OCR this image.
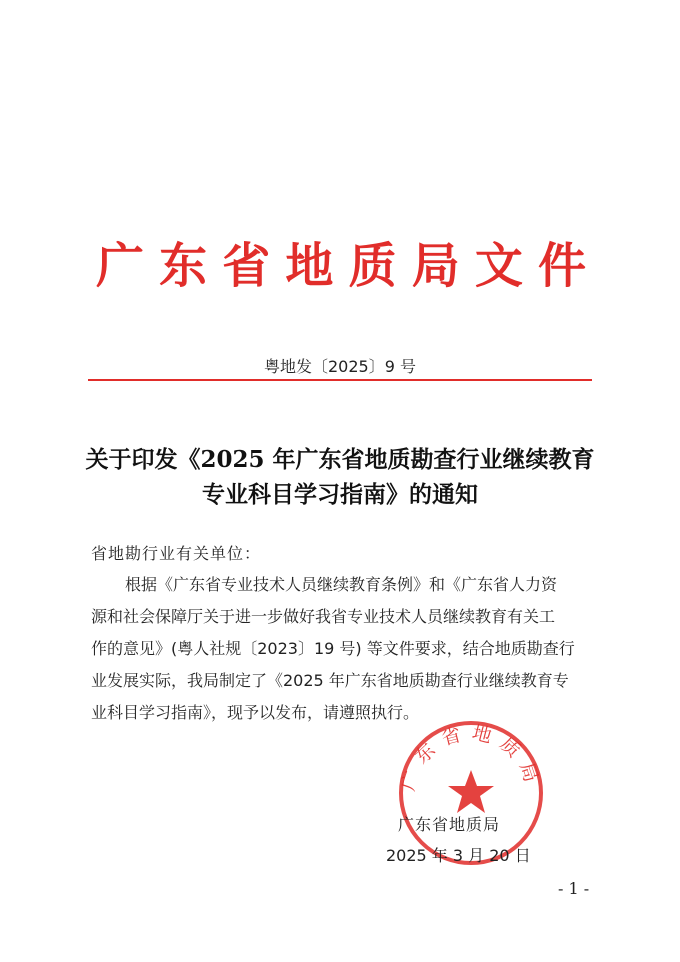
广 东 省 地 质 局 文 件
粤地发〔2025〕9 号
关于印发《2025 年广东省地质勘查行业继续教育
专业科目学习指南》的通知
省地勘行业有关单位：
根据《广东省专业技术人员继续教育条例》和《广东省人力资
源和社会保障厅关于进一步做好我省专业技术人员继续教育有关工
作的意见》(粤人社规〔2023〕19 号) 等文件要求，结合地质勘查行
业发展实际，我局制定了《2025 年广东省地质勘查行业继续教育专
业科目学习指南》，现予以发布，请遵照执行。
广东省地质局
广东省地质局
2025 年 3 月 20 日
- 1 -
